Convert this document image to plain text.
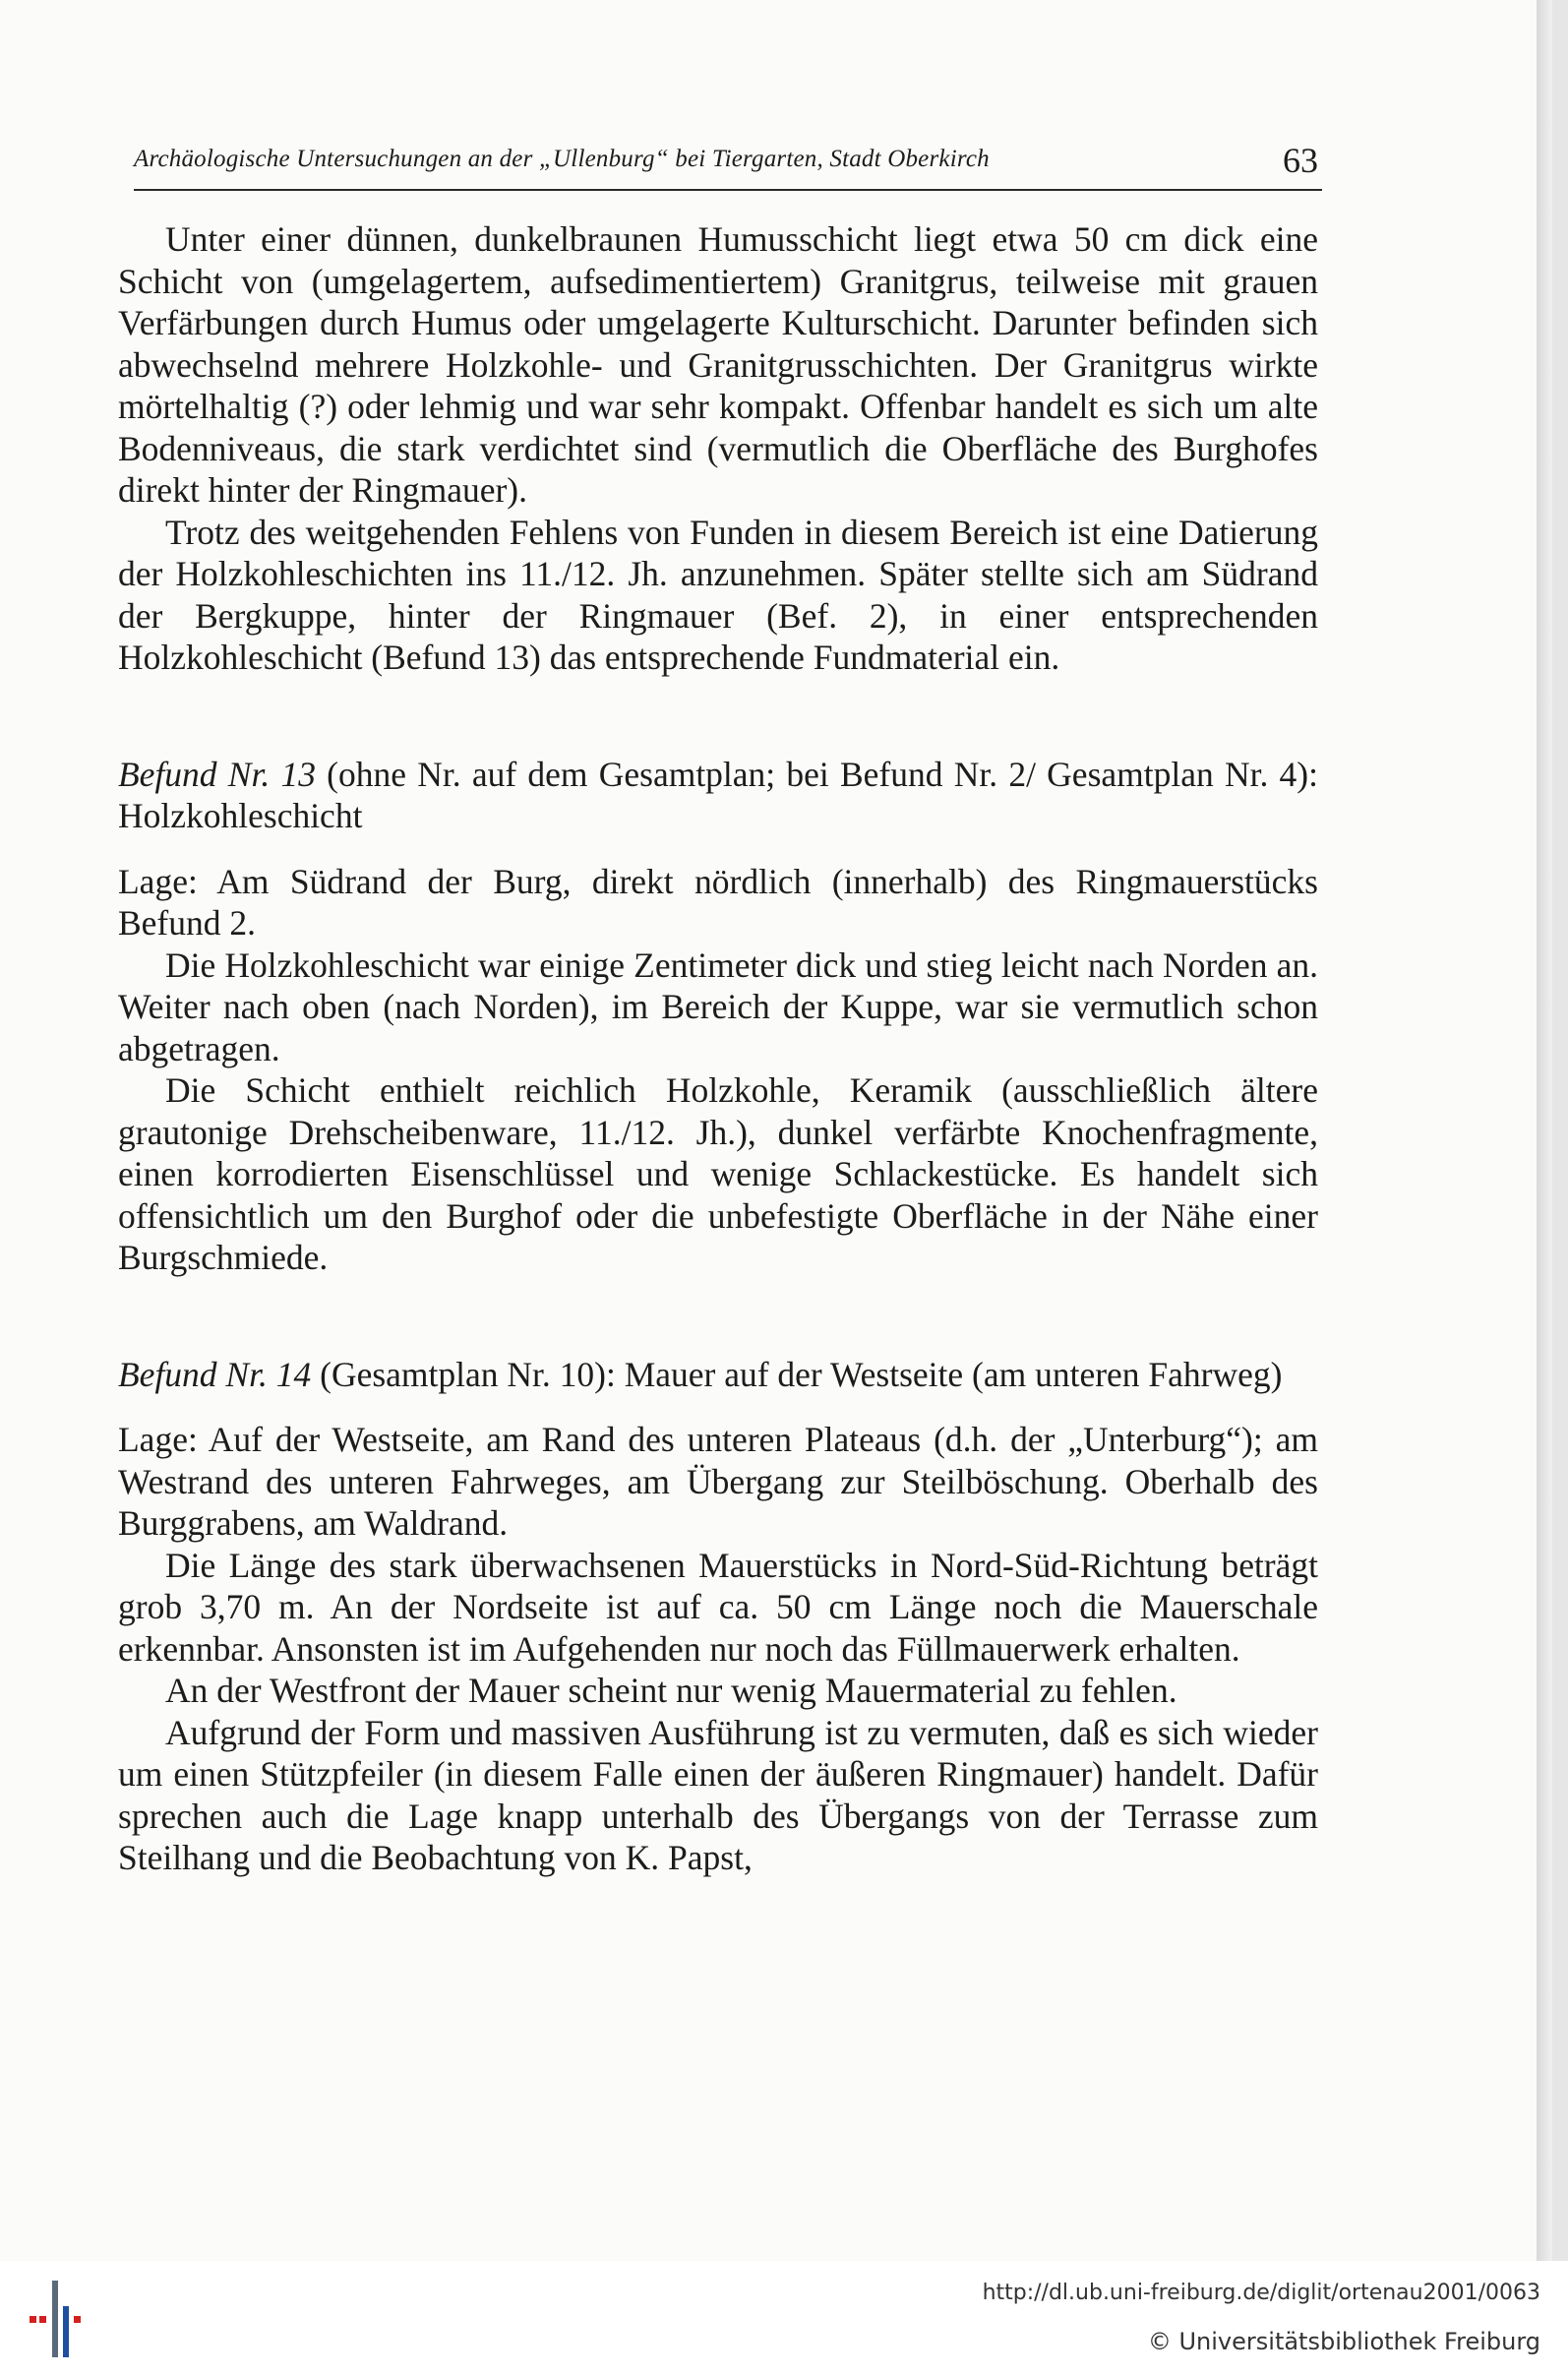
Archäologische Untersuchungen an der „Ullenburg“ bei Tiergarten, Stadt Oberkirch	63

Unter einer dünnen, dunkelbraunen Humusschicht liegt etwa 50 cm dick eine Schicht von (umgelagertem, aufsedimentiertem) Granitgrus, teilweise mit grauen Verfärbungen durch Humus oder umgelagerte Kulturschicht. Darunter befinden sich abwechselnd mehrere Holzkohle- und Granitgrusschichten. Der Granitgrus wirkte mörtelhaltig (?) oder lehmig und war sehr kompakt. Offenbar handelt es sich um alte Bodenniveaus, die stark verdichtet sind (vermutlich die Oberfläche des Burghofes direkt hinter der Ringmauer).

Trotz des weitgehenden Fehlens von Funden in diesem Bereich ist eine Datierung der Holzkohleschichten ins 11./12. Jh. anzunehmen. Später stellte sich am Südrand der Bergkuppe, hinter der Ringmauer (Bef. 2), in einer entsprechenden Holzkohleschicht (Befund 13) das entsprechende Fundmaterial ein.

Befund Nr. 13 (ohne Nr. auf dem Gesamtplan; bei Befund Nr. 2/ Gesamtplan Nr. 4): Holzkohleschicht

Lage: Am Südrand der Burg, direkt nördlich (innerhalb) des Ringmauerstücks Befund 2.

Die Holzkohleschicht war einige Zentimeter dick und stieg leicht nach Norden an. Weiter nach oben (nach Norden), im Bereich der Kuppe, war sie vermutlich schon abgetragen.

Die Schicht enthielt reichlich Holzkohle, Keramik (ausschließlich ältere grautonige Drehscheibenware, 11./12. Jh.), dunkel verfärbte Knochenfragmente, einen korrodierten Eisenschlüssel und wenige Schlackestücke. Es handelt sich offensichtlich um den Burghof oder die unbefestigte Oberfläche in der Nähe einer Burgschmiede.

Befund Nr. 14 (Gesamtplan Nr. 10): Mauer auf der Westseite (am unteren Fahrweg)

Lage: Auf der Westseite, am Rand des unteren Plateaus (d.h. der „Unterburg“); am Westrand des unteren Fahrweges, am Übergang zur Steilböschung. Oberhalb des Burggrabens, am Waldrand.

Die Länge des stark überwachsenen Mauerstücks in Nord-Süd-Richtung beträgt grob 3,70 m. An der Nordseite ist auf ca. 50 cm Länge noch die Mauerschale erkennbar. Ansonsten ist im Aufgehenden nur noch das Füllmauerwerk erhalten.

An der Westfront der Mauer scheint nur wenig Mauermaterial zu fehlen.

Aufgrund der Form und massiven Ausführung ist zu vermuten, daß es sich wieder um einen Stützpfeiler (in diesem Falle einen der äußeren Ringmauer) handelt. Dafür sprechen auch die Lage knapp unterhalb des Übergangs von der Terrasse zum Steilhang und die Beobachtung von K. Papst,

http://dl.ub.uni-freiburg.de/diglit/ortenau2001/0063
© Universitätsbibliothek Freiburg
